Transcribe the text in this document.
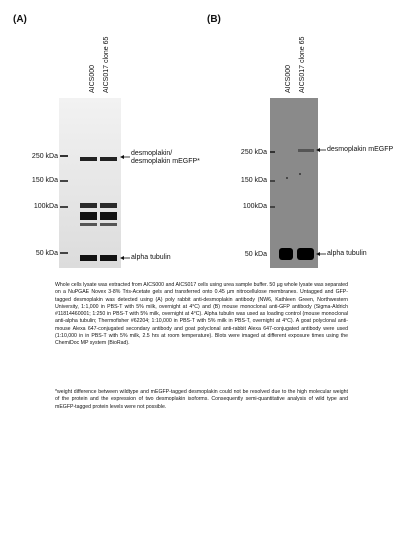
(A)
AICS000 AICS017 clone 65
250 kDa
150 kDa
100kDa
50 kDa
desmoplakin/
desmoplakin mEGFP*
alpha tubulin
(B)
AICS000 AICS017 clone 65
250 kDa
150 kDa
100kDa
50 kDa
desmoplakin mEGFP
alpha tubulin
Whole cells lysate was extracted from AICS000 and AICS017 cells using urea sample buffer. 50 µg whole lysate was separated on a NuPGAE Novex 3-8% Tris-Acetate gels and transferred onto 0.45 µm nitrocellulose membranes. Untagged and GFP-tagged desmoplakin was detected using (A) poly rabbit anti-desmoplakin antibody (NW6, Kathleen Green, Northwestern University, 1:1,000 in PBS-T with 5% milk, overnight at 4°C) and (B) mouse monoclonal anti-GFP antibody (Sigma-Aldrich #11814460001; 1:250 in PBS-T with 5% milk, overnight at 4°C). Alpha tubulin was used as loading control (mouse monoclonal anti-alpha tubulin; Thermofisher #62204; 1:10,000 in PBS-T with 5% milk in PBS-T, overnight at 4°C). A goat polyclonal anti-mouse Alexa 647-conjugated secondary antibody and goat polyclonal anti-rabbit Alexa 647-conjugated antibody were used (1:10,000 in in PBS-T with 5% milk, 2.5 hrs at room temperature). Blots were imaged at different exposure times using the ChemiDoc MP system (BioRad).
*weight difference between wildtype and mEGFP-tagged desmoplakin could not be resolved due to the high molecular weight of the protein and the expression of two desmoplakin isoforms. Consequently semi-quantitative analysis of wild type and mEGFP-tagged protein levels were not possible.
